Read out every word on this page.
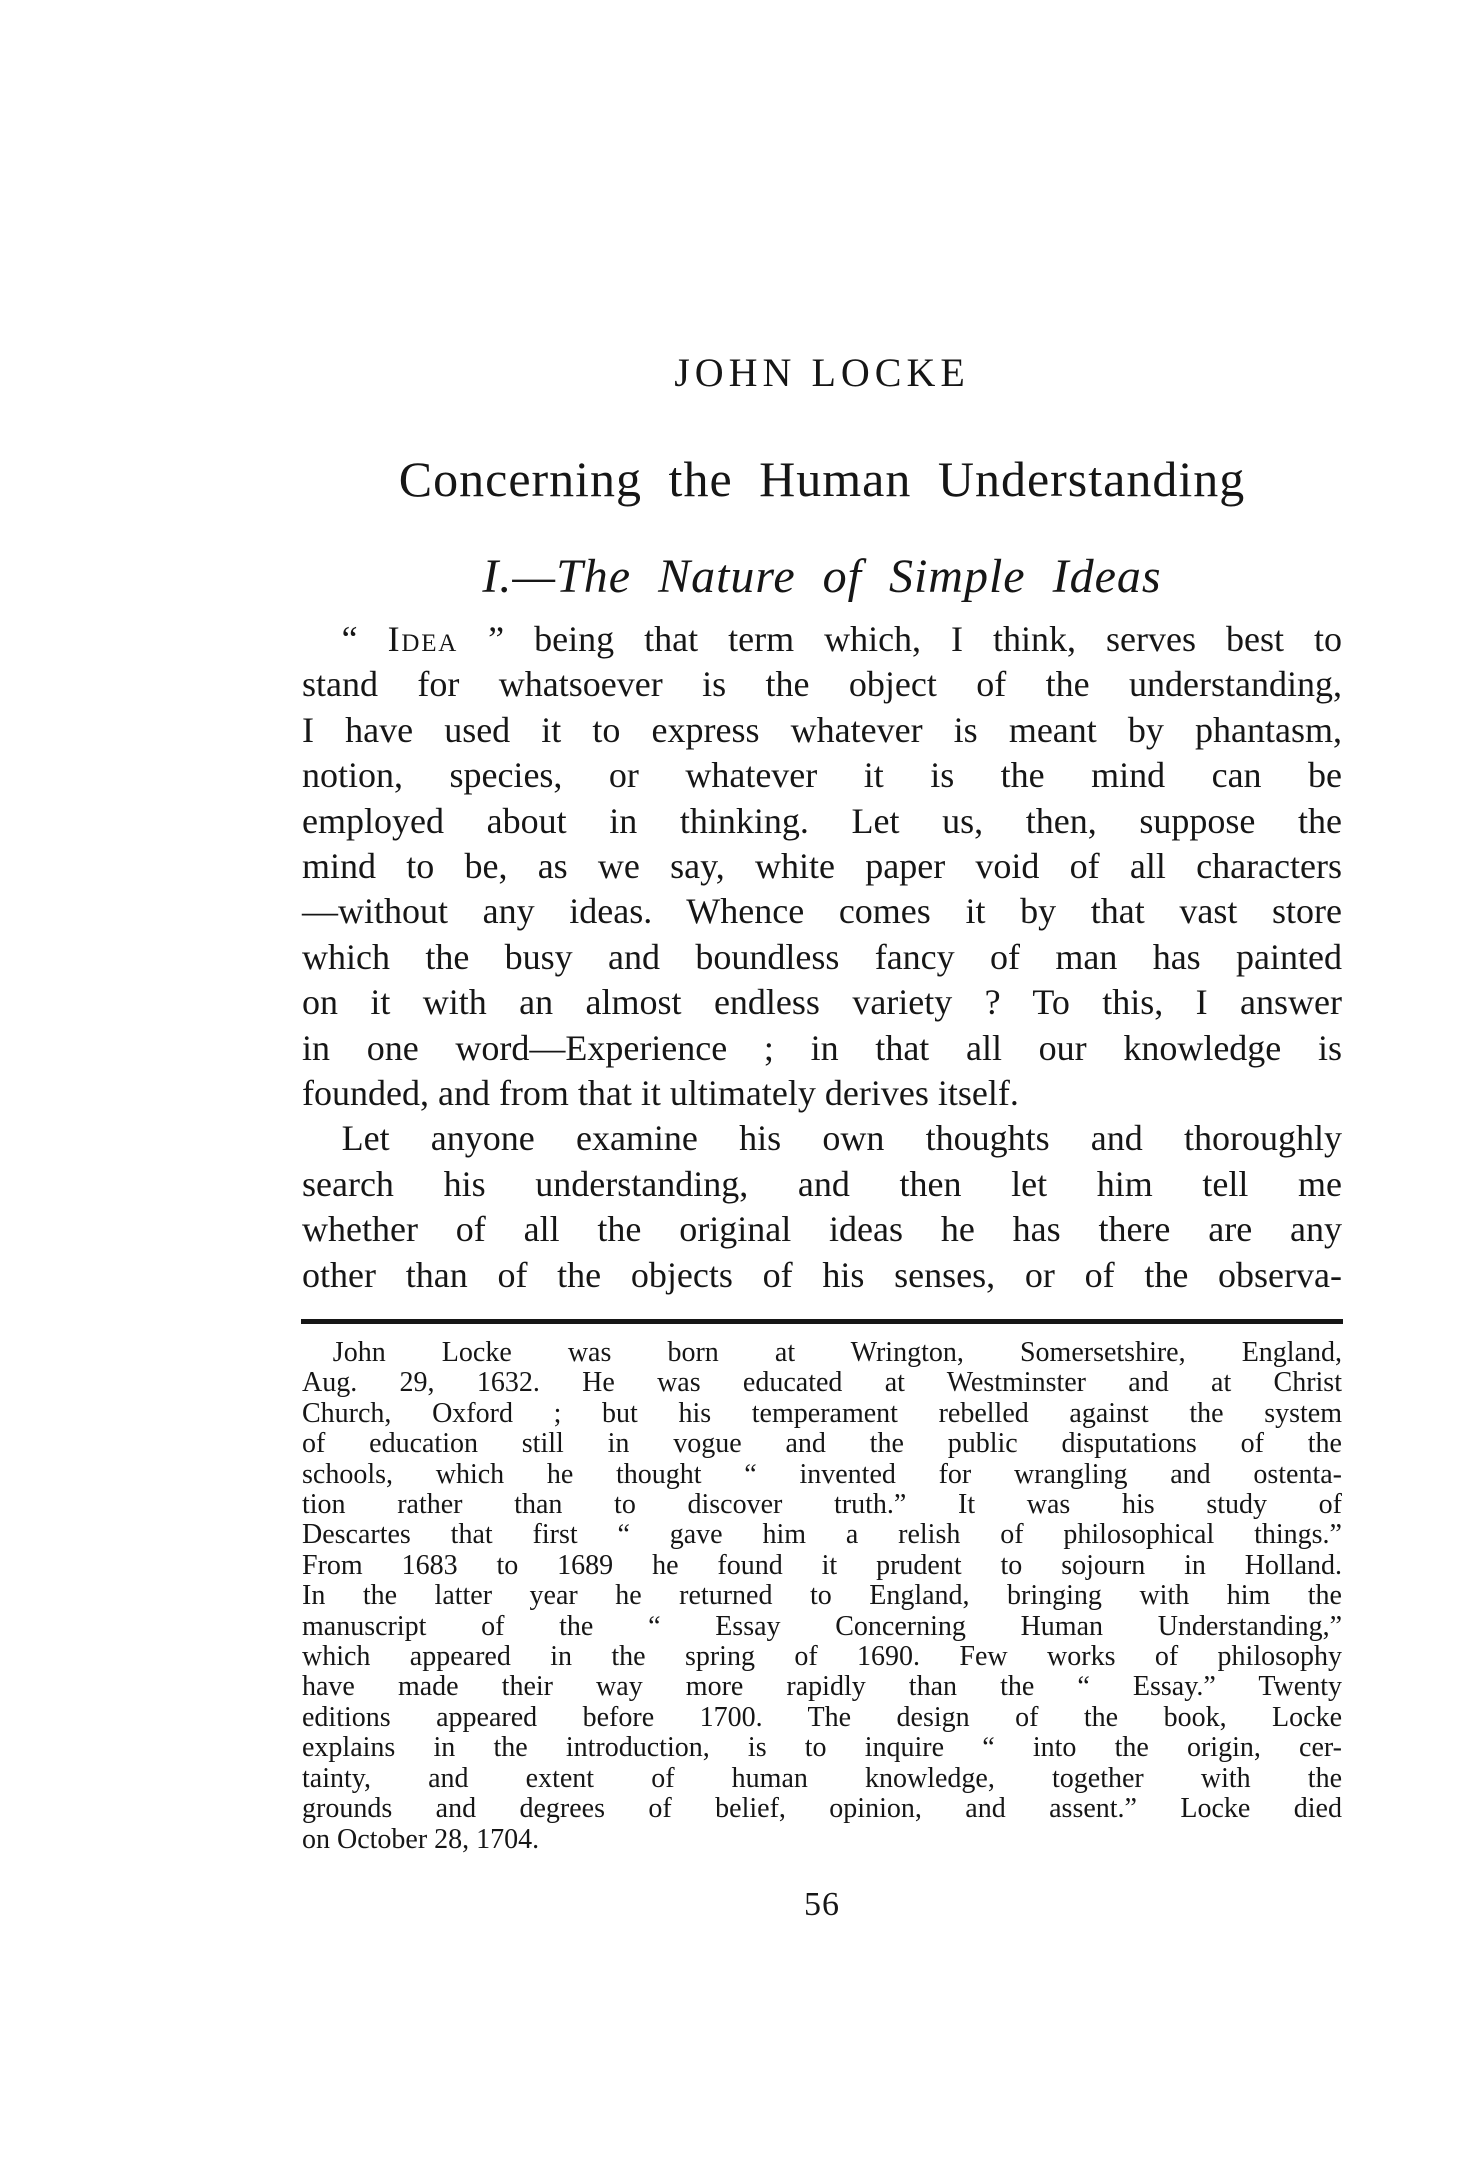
JOHN LOCKE
Concerning the Human Understanding
I.—The Nature of Simple Ideas
“ Idea ” being that term which, I think, serves best to
stand for whatsoever is the object of the understanding,
I have used it to express whatever is meant by phantasm,
notion, species, or whatever it is the mind can be
employed about in thinking. Let us, then, suppose the
mind to be, as we say, white paper void of all characters
—without any ideas. Whence comes it by that vast store
which the busy and boundless fancy of man has painted
on it with an almost endless variety ? To this, I answer
in one word—Experience ; in that all our knowledge is
founded, and from that it ultimately derives itself.
Let anyone examine his own thoughts and thoroughly
search his understanding, and then let him tell me
whether of all the original ideas he has there are any
other than of the objects of his senses, or of the observa-
John Locke was born at Wrington, Somersetshire, England,
Aug. 29, 1632. He was educated at Westminster and at Christ
Church, Oxford ; but his temperament rebelled against the system
of education still in vogue and the public disputations of the
schools, which he thought “ invented for wrangling and ostenta-
tion rather than to discover truth.” It was his study of
Descartes that first “ gave him a relish of philosophical things.”
From 1683 to 1689 he found it prudent to sojourn in Holland.
In the latter year he returned to England, bringing with him the
manuscript of the “ Essay Concerning Human Understanding,”
which appeared in the spring of 1690. Few works of philosophy
have made their way more rapidly than the “ Essay.” Twenty
editions appeared before 1700. The design of the book, Locke
explains in the introduction, is to inquire “ into the origin, cer-
tainty, and extent of human knowledge, together with the
grounds and degrees of belief, opinion, and assent.” Locke died
on October 28, 1704.
56
